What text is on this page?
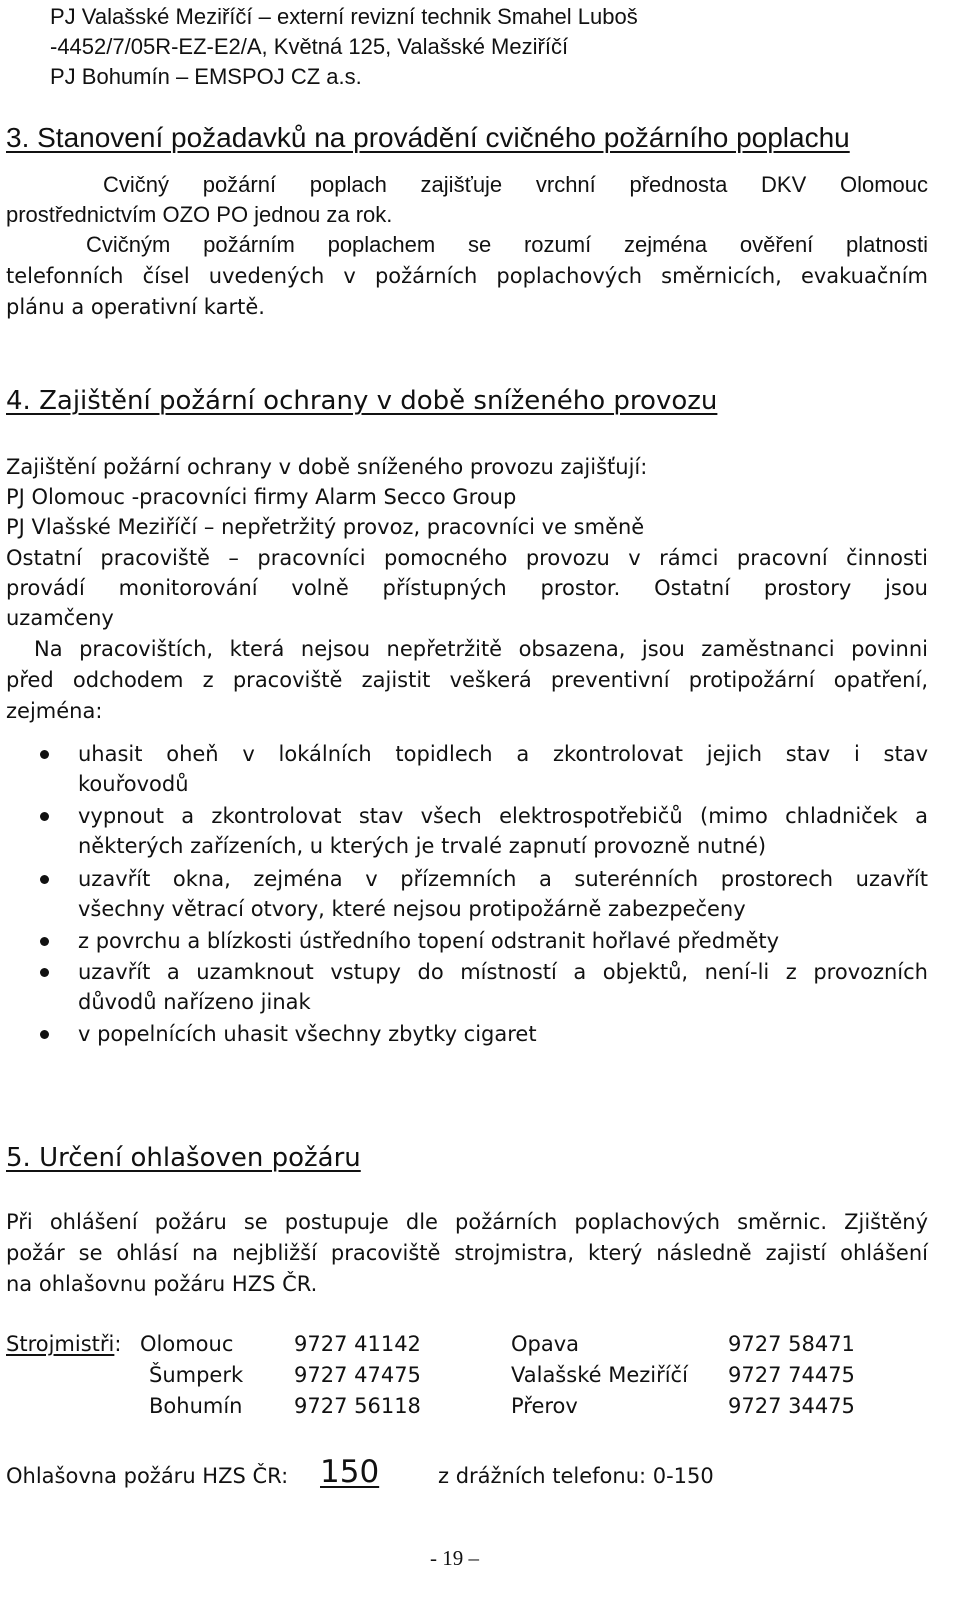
PJ Valašské Meziříčí – externí revizní technik Smahel Luboš
-4452/7/05R-EZ-E2/A, Květná 125, Valašské Meziříčí
PJ Bohumín – EMSPOJ CZ a.s.
3. Stanovení požadavků na provádění cvičného požárního poplachu
Cvičný požární poplach zajišťuje vrchní přednosta DKV Olomouc
prostřednictvím OZO PO jednou za rok.
Cvičným požárním poplachem se rozumí zejména ověření platnosti
telefonních čísel uvedených v požárních poplachových směrnicích, evakuačním
plánu a operativní kartě.
4. Zajištění požární ochrany v době sníženého provozu
Zajištění požární ochrany v době sníženého provozu zajišťují:
PJ Olomouc -pracovníci firmy Alarm Secco Group
PJ Vlašské Meziříčí – nepřetržitý provoz, pracovníci ve směně
Ostatní pracoviště – pracovníci pomocného provozu v rámci pracovní činnosti
provádí monitorování volně přístupných prostor. Ostatní prostory jsou
uzamčeny
Na pracovištích, která nejsou nepřetržitě obsazena, jsou zaměstnanci povinni
před odchodem z pracoviště zajistit veškerá preventivní protipožární opatření,
zejména:
uhasit oheň v lokálních topidlech a zkontrolovat jejich stav i stav
kouřovodů
vypnout a zkontrolovat stav všech elektrospotřebičů (mimo chladniček a
některých zařízeních, u kterých je trvalé zapnutí provozně nutné)
uzavřít okna, zejména v přízemních a suterénních prostorech uzavřít
všechny větrací otvory, které nejsou protipožárně zabezpečeny
z povrchu a blízkosti ústředního topení odstranit hořlavé předměty
uzavřít a uzamknout vstupy do místností a objektů, není-li z provozních
důvodů nařízeno jinak
v popelnících uhasit všechny zbytky cigaret
5. Určení ohlašoven požáru
Při ohlášení požáru se postupuje dle požárních poplachových směrnic. Zjištěný
požár se ohlásí na nejbližší pracoviště strojmistra, který následně zajistí ohlášení
na ohlašovnu požáru HZS ČR.
Strojmistři: Olomouc	9727 41142	Opava	9727 58471
Šumperk 9727 47475	Valašské Meziříčí 9727 74475
Bohumín 9727 56118	Přerov	9727 34475
Ohlašovna požáru HZS ČR: 150	z drážních telefonu: 0-150
- 19 –
